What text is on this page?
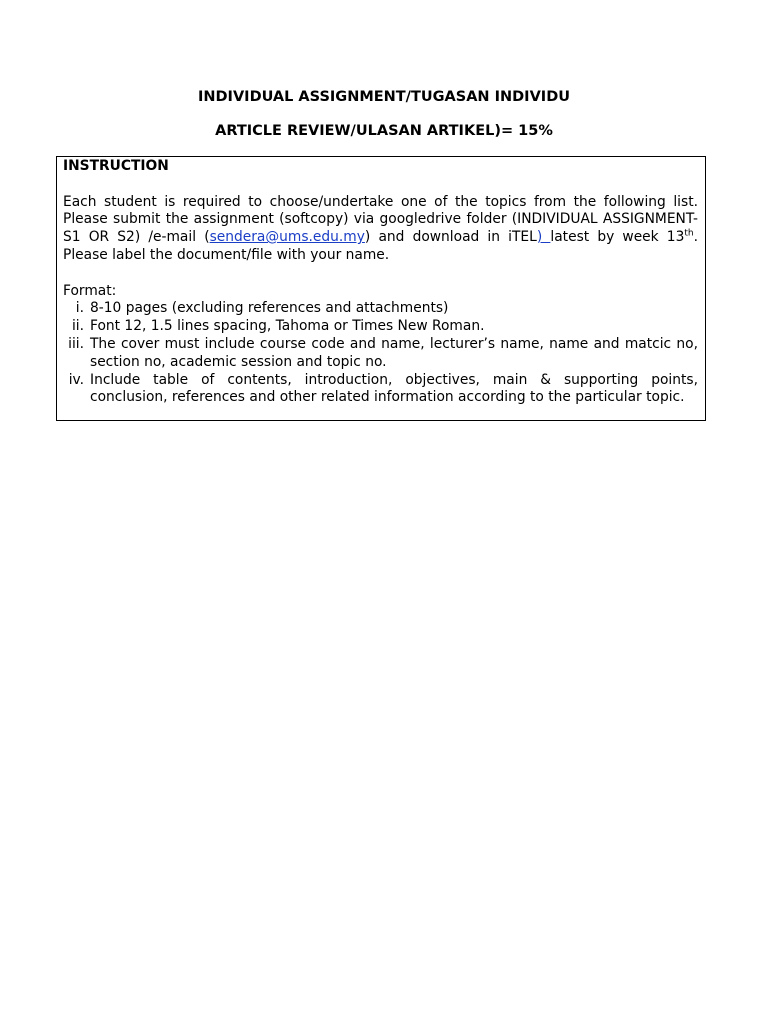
INDIVIDUAL ASSIGNMENT/TUGASAN INDIVIDU
ARTICLE REVIEW/ULASAN ARTIKEL)= 15%

INSTRUCTION

Each student is required to choose/undertake one of the topics from the following list. Please submit the assignment (softcopy) via googledrive folder (INDIVIDUAL ASSIGNMENT-S1 OR S2) /e-mail (sendera@ums.edu.my) and download in iTEL) latest by week 13th. Please label the document/file with your name.

Format:

i. 8-10 pages (excluding references and attachments)
ii. Font 12, 1.5 lines spacing, Tahoma or Times New Roman.
iii. The cover must include course code and name, lecturer’s name, name and matcic no, section no, academic session and topic no.
iv. Include table of contents, introduction, objectives, main & supporting points, conclusion, references and other related information according to the particular topic.
